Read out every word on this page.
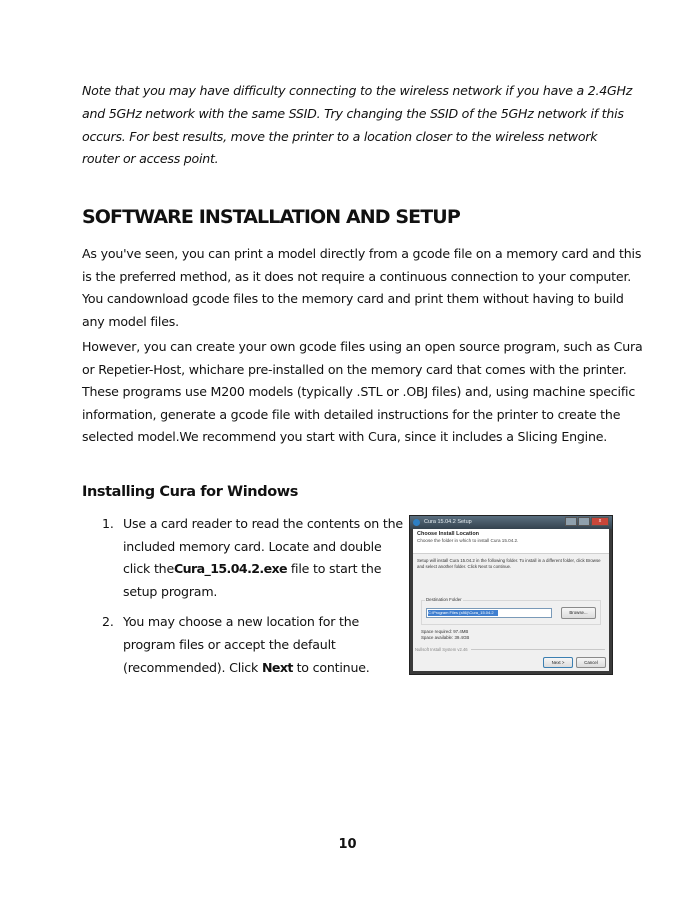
Note that you may have difficulty connecting to the wireless network if you have a 2.4GHz

and 5GHz network with the same SSID. Try changing the SSID of the 5GHz network if this

occurs. For best results, move the printer to a location closer to the wireless network

router or access point.

SOFTWARE INSTALLATION AND SETUP

As you've seen, you can print a model directly from a gcode file on a memory card and this is the preferred method, as it does not require a continuous connection to your computer. You candownload gcode files to the memory card and print them without having to build any model files.

However, you can create your own gcode files using an open source program, such as Cura or Repetier-Host, whichare pre-installed on the memory card that comes with the printer. These programs use M200 models (typically .STL or .OBJ files) and, using machine specific information, generate a gcode file with detailed instructions for the printer to create the selected model.We recommend you start with Cura, since it includes a Slicing Engine.

Installing Cura for Windows
1. Use a card reader to read the contents on the included memory card. Locate and double click theCura_15.04.2.exe file to start the setup program.
2. You may choose a new location for the program files or accept the default (recommended). Click Next to continue.
Cura 15.04.2 Setup	x
Choose Install Location
Choose the folder in which to install Cura 15.04.2.
Setup will install Cura 15.04.2 in the following folder. To install in a different folder, click Browse and select another folder. Click Next to continue.
Destination Folder
C:\Program Files (x86)\Cura_15.04.2	Browse...
Space required: 97.4MB
Space available: 39.4GB
Nullsoft Install System v2.46
Next >	Cancel
10
